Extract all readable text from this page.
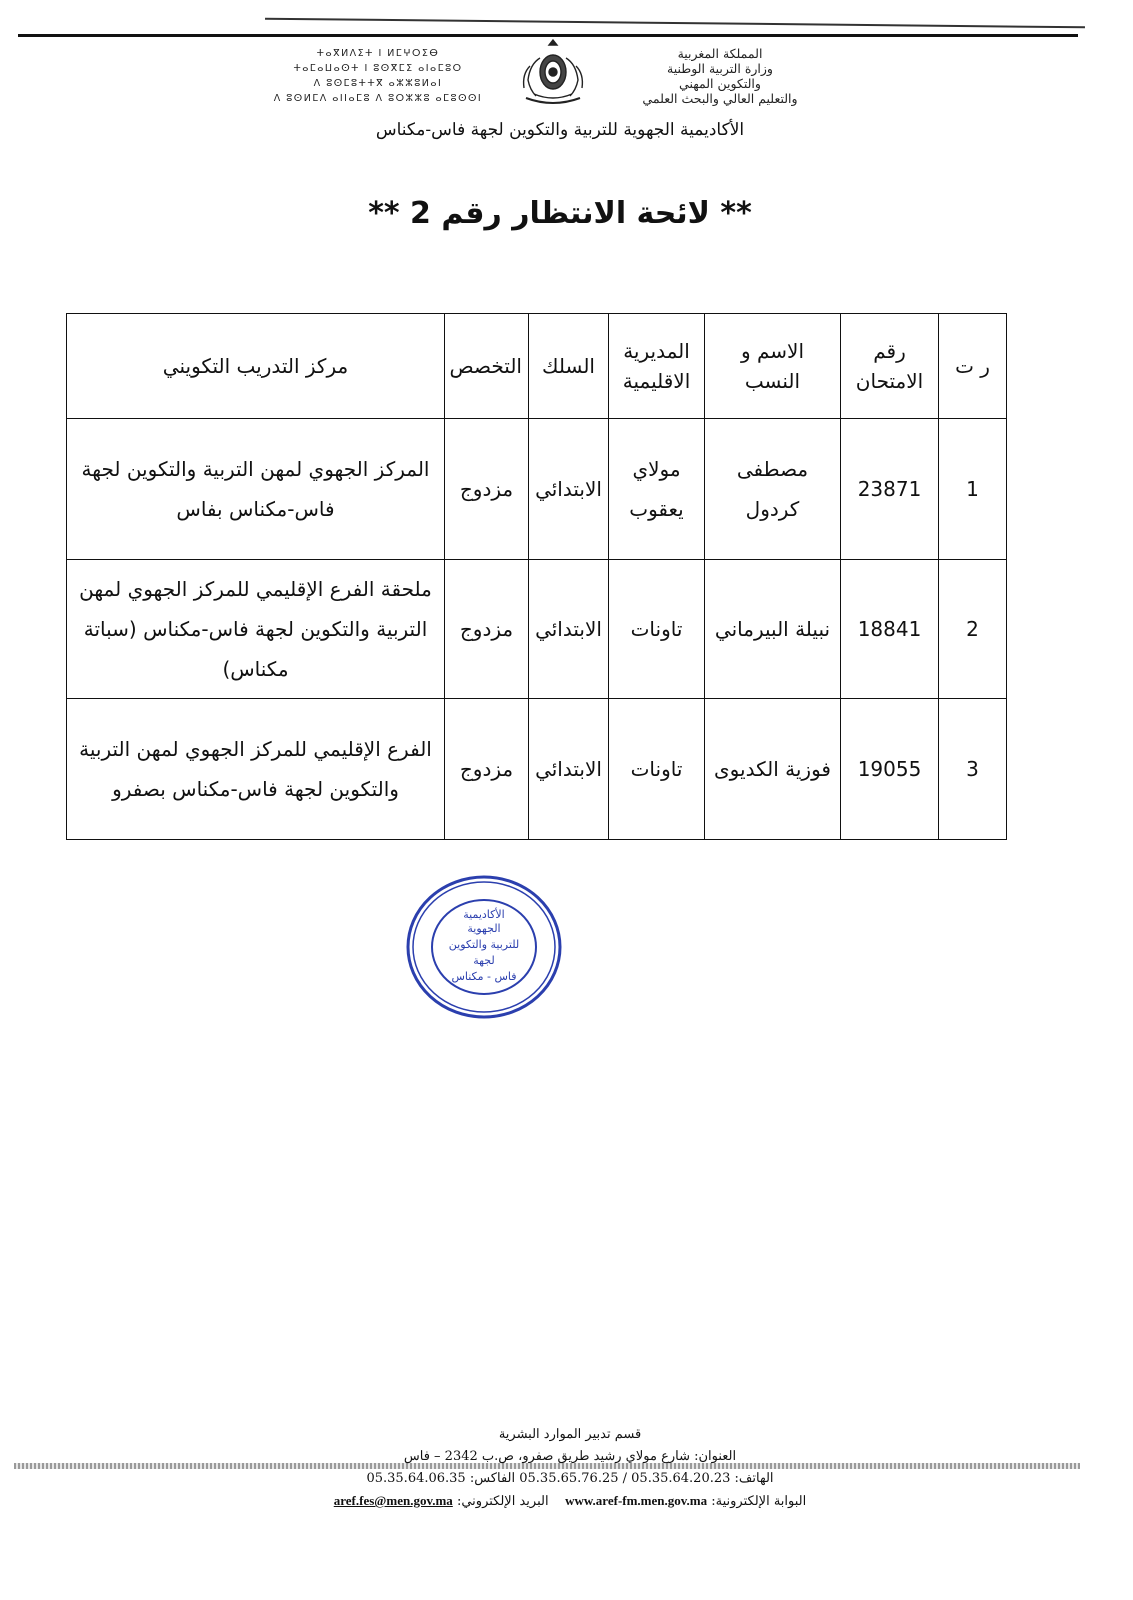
المملكة المغربية
وزارة التربية الوطنية
والتكوين المهني
والتعليم العالي والبحث العلمي
ⵜⴰⴳⵍⴷⵉⵜ ⵏ ⵍⵎⵖⵔⵉⴱ
ⵜⴰⵎⴰⵡⴰⵙⵜ ⵏ ⵓⵙⴳⵎⵉ ⴰⵏⴰⵎⵓⵔ
ⴷ ⵓⵙⵎⵓⵜⵜⴳ ⴰⵣⵣⵓⵍⴰⵏ
ⴷ ⵓⵙⵍⵎⴷ ⴰⵏⵏⴰⵎⵓ ⴷ ⵓⵔⵣⵣⵓ ⴰⵎⵓⵙⵙⵏ
الأكاديمية الجهوية للتربية والتكوين لجهة فاس-مكناس
** لائحة الانتظار رقم 2 **
ر ت	رقم الامتحان	الاسم و النسب	المديرية الاقليمية	السلك	التخصص	مركز التدريب التكويني
1	23871	مصطفى كردول	مولاي يعقوب	الابتدائي	مزدوج	المركز الجهوي لمهن التربية والتكوين لجهة فاس-مكناس بفاس
2	18841	نبيلة البيرماني	تاونات	الابتدائي	مزدوج	ملحقة الفرع الإقليمي للمركز الجهوي لمهن التربية والتكوين لجهة فاس-مكناس (سباتة مكناس)
3	19055	فوزية الكديوى	تاونات	الابتدائي	مزدوج	الفرع الإقليمي للمركز الجهوي لمهن التربية والتكوين لجهة فاس-مكناس بصفرو
الأكاديمية
الجهوية
للتربية والتكوين
لجهة
فاس - مكناس
قسم تدبير الموارد البشرية
العنوان: شارع مولاي رشيد طريق صفرو، ص.ب 2342 – فاس
الهاتف: 05.35.64.20.23 / 05.35.65.76.25 الفاكس: 05.35.64.06.35
البوابة الإلكترونية: www.aref-fm.men.gov.ma    البريد الإلكتروني: aref.fes@men.gov.ma
